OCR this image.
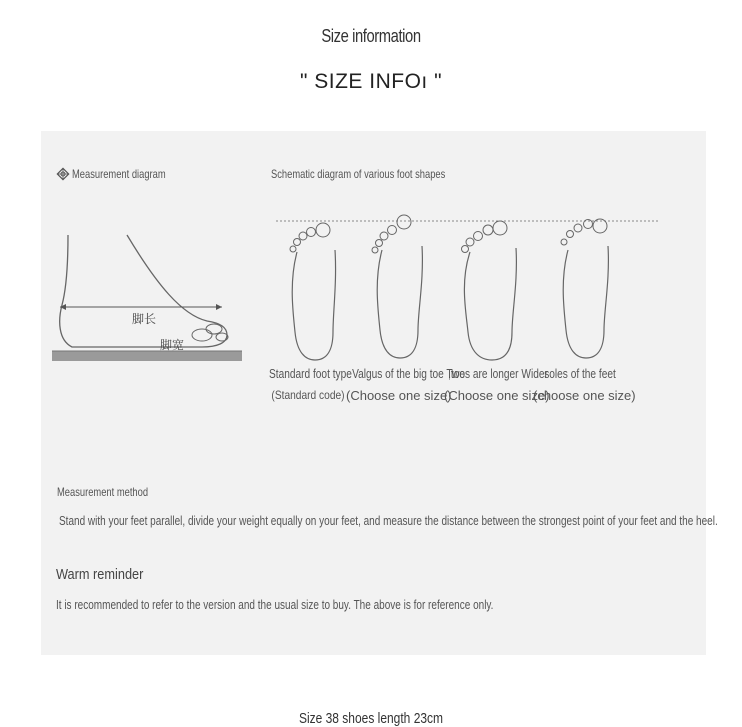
Size information
" SIZE INFOı "
Measurement diagram
脚长
脚宽
Schematic diagram of various foot shapes
Standard foot type
(Standard code)
Valgus of the big toe Two
(Choose one size)
,toes are longer Wider
(Choose one size)
soles of the feet
(choose one size)
Measurement method
Stand with your feet parallel, divide your weight equally on your feet, and measure the distance between the strongest point of your feet and the heel.
Warm reminder
It is recommended to refer to the version and the usual size to buy. The above is for reference only.
Size 38 shoes length 23cm
